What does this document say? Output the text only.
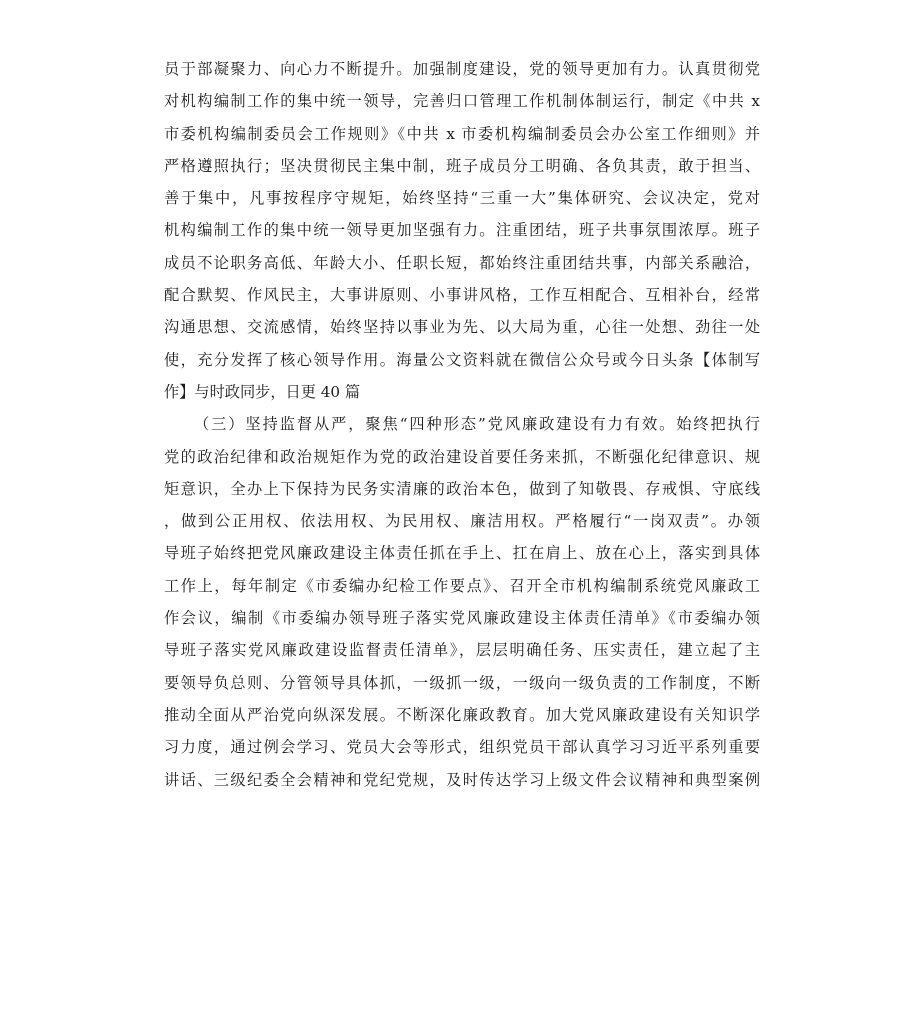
员于部凝聚力、向心力不断提升。加强制度建设，党的领导更加有力。认真贯彻党
对机构编制工作的集中统一领导，完善归口管理工作机制体制运行，制定《中共 x
市委机构编制委员会工作规则》《中共 x 市委机构编制委员会办公室工作细则》并
严格遵照执行；坚决贯彻民主集中制，班子成员分工明确、各负其责，敢于担当、
善于集中，凡事按程序守规矩，始终坚持“三重一大”集体研究、会议决定，党对
机构编制工作的集中统一领导更加坚强有力。注重团结，班子共事氛围浓厚。班子
成员不论职务高低、年龄大小、任职长短，都始终注重团结共事，内部关系融洽，
配合默契、作风民主，大事讲原则、小事讲风格，工作互相配合、互相补台，经常
沟通思想、交流感情，始终坚持以事业为先、以大局为重，心往一处想、劲往一处
使，充分发挥了核心领导作用。海量公文资料就在微信公众号或今日头条【体制写
作】与时政同步，日更 40 篇
（三）坚持监督从严，聚焦“四种形态”党风廉政建设有力有效。始终把执行
党的政治纪律和政治规矩作为党的政治建设首要任务来抓，不断强化纪律意识、规
矩意识，全办上下保持为民务实清廉的政治本色，做到了知敬畏、存戒惧、守底线
，做到公正用权、依法用权、为民用权、廉洁用权。严格履行“一岗双责”。办领
导班子始终把党风廉政建设主体责任抓在手上、扛在肩上、放在心上，落实到具体
工作上，每年制定《市委编办纪检工作要点》、召开全市机构编制系统党风廉政工
作会议，编制《市委编办领导班子落实党风廉政建设主体责任清单》《市委编办领
导班子落实党风廉政建设监督责任清单》，层层明确任务、压实责任，建立起了主
要领导负总则、分管领导具体抓，一级抓一级，一级向一级负责的工作制度，不断
推动全面从严治党向纵深发展。不断深化廉政教育。加大党风廉政建设有关知识学
习力度，通过例会学习、党员大会等形式，组织党员干部认真学习习近平系列重要
讲话、三级纪委全会精神和党纪党规，及时传达学习上级文件会议精神和典型案例
